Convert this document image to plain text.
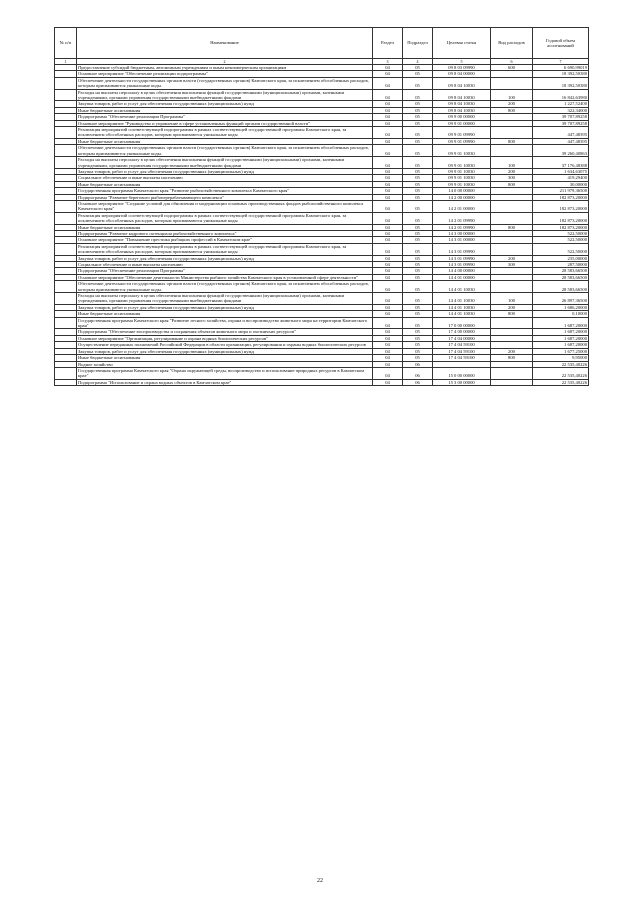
№ п/п	Наименование	Раздел	Подраздел	Целевая статья	Вид расходов	Годовой объем ассигнований
1	2	3	4	5	6	7
	Предоставление субсидий бюджетным, автономным учреждениям и иным некоммерческим организациям	04	05	09 8 03 09990	600	6 690,99019
	Основное мероприятие "Обеспечение реализации подпрограммы"	04	05	09 8 04 00000		18 392,50380
	Обеспечение деятельности государственных органов власти (государственных органов) Камчатского края, за исключением обособленных расходов, которым присваиваются уникальные коды.	04	05	09 8 04 10030		18 392,50380
	Расходы на выплаты персоналу в целях обеспечения выполнения функций государственными (муниципальными) органами, казенными учреждениями, органами управления государственными внебюджетными фондами	04	05	09 8 04 10030	100	16 842,63980
	Закупка товаров, работ и услуг для обеспечения государственных (муниципальных) нужд	04	05	09 8 04 10030	200	1 227,52400
	Иные бюджетные ассигнования	04	05	09 8 04 10030	800	322,34000
	Подпрограмма "Обеспечение реализации Программы"	04	05	09 9 00 00000		39 707,89258
	Основное мероприятие "Руководство и управление в сфере установленных функций органов государственной власти"	04	05	09 9 01 00000		39 707,89258
	Реализация мероприятий соответствующей подпрограммы в рамках соответствующей государственной программы Камчатского края, за исключением обособленных расходов, которым присваиваются уникальные коды	04	05	09 9 01 09990		447,48395
	Иные бюджетные ассигнования	04	05	09 9 01 09990	800	447,48395
	Обеспечение деятельности государственных органов власти (государственных органов) Камчатского края, за исключением обособленных расходов, которым присваиваются уникальные коды.	04	05	09 9 01 10030		39 260,40863
	Расходы на выплаты персоналу в целях обеспечения выполнения функций государственными (муниципальными) органами, казенными учреждениями, органами управления государственными внебюджетными фондами	04	05	09 9 01 10030	100	37 176,48388
	Закупка товаров, работ и услуг для обеспечения государственных (муниципальных) нужд	04	05	09 9 01 10030	200	1 634,63075
	Социальное обеспечение и иные выплаты населению	04	05	09 9 01 10030	300	419,29400
	Иные бюджетные ассигнования	04	05	09 9 01 10030	800	30,00000
	Государственная программа Камчатского края "Развитие рыбохозяйственного комплекса Камчатского края"	04	05	14 0 00 00000		211 979,36500
	Подпрограмма "Развитие берегового рыбоперерабатывающего комплекса"	04	05	14 2 00 00000		182 873,20000
	Основное мероприятие "Создание условий для обновления и модернизации основных производственных фондов рыбохозяйственного комплекса Камчатского края"	04	05	14 2 01 00000		182 873,20000
	Реализация мероприятий соответствующей подпрограммы в рамках соответствующей государственной программы Камчатского края, за исключением обособленных расходов, которым присваиваются уникальные коды	04	05	14 2 01 09990		182 873,20000
	Иные бюджетные ассигнования	04	05	14 2 01 09990	800	182 873,20000
	Подпрограмма "Развитие кадрового потенциала рыбохозяйственного комплекса"	04	05	14 3 00 00000		522,50000
	Основное мероприятие "Повышение престижа рыбацких профессий в Камчатском крае"	04	05	14 3 01 00000		522,50000
	Реализация мероприятий соответствующей подпрограммы в рамках соответствующей государственной программы Камчатского края, за исключением обособленных расходов, которым присваиваются уникальные коды	04	05	14 3 01 09990		522,50000
	Закупка товаров, работ и услуг для обеспечения государственных (муниципальных) нужд	04	05	14 3 01 09990	200	235,00000
	Социальное обеспечение и иные выплаты населению	04	05	14 3 01 09990	300	287,50000
	Подпрограмма "Обеспечение реализации Программы"	04	05	14 4 00 00000		28 583,66500
	Основное мероприятие "Обеспечение деятельности Министерства рыбного хозяйства Камчатского края в установленной сфере деятельности"	04	05	14 4 01 00000		28 583,66500
	Обеспечение деятельности государственных органов власти (государственных органов) Камчатского края, за исключением обособленных расходов, которым присваиваются уникальные коды.	04	05	14 4 01 10030		28 583,66500
	Расходы на выплаты персоналу в целях обеспечения выполнения функций государственными (муниципальными) органами, казенными учреждениями, органами управления государственными внебюджетными фондами	04	05	14 4 01 10030	100	26 897,36500
	Закупка товаров, работ и услуг для обеспечения государственных (муниципальных) нужд	04	05	14 4 01 10030	200	1 686,20000
	Иные бюджетные ассигнования	04	05	14 4 01 10030	800	0,10000
	Государственная программа Камчатского края "Развитие лесного хозяйства, охрана и воспроизводство животного мира на территории Камчатского края"	04	05	17 0 00 00000		1 687,20000
	Подпрограмма "Обеспечение воспроизводства и сохранения объектов животного мира и охотничьих ресурсов"	04	05	17 4 00 00000		1 687,20000
	Основное мероприятие "Организация, регулирование и охрана водных биологических ресурсов"	04	05	17 4 04 00000		1 687,20000
	Осуществление переданных полномочий Российской Федерации в области организации, регулирования и охраны водных биологических ресурсов	04	05	17 4 04 59100		1 687,20000
	Закупка товаров, работ и услуг для обеспечения государственных (муниципальных) нужд	04	05	17 4 04 59100	200	1 677,25000
	Иные бюджетные ассигнования	04	05	17 4 04 59100	800	9,95000
	Водное хозяйство	04	06			22 535,40226
	Государственная программа Камчатского края "Охрана окружающей среды, воспроизводство и использование природных ресурсов в Камчатском крае"	04	06	15 0 00 00000		22 535,40226
	Подпрограмма "Использование и охрана водных объектов в Камчатском крае"	04	06	15 3 00 00000		22 535,40226
22
